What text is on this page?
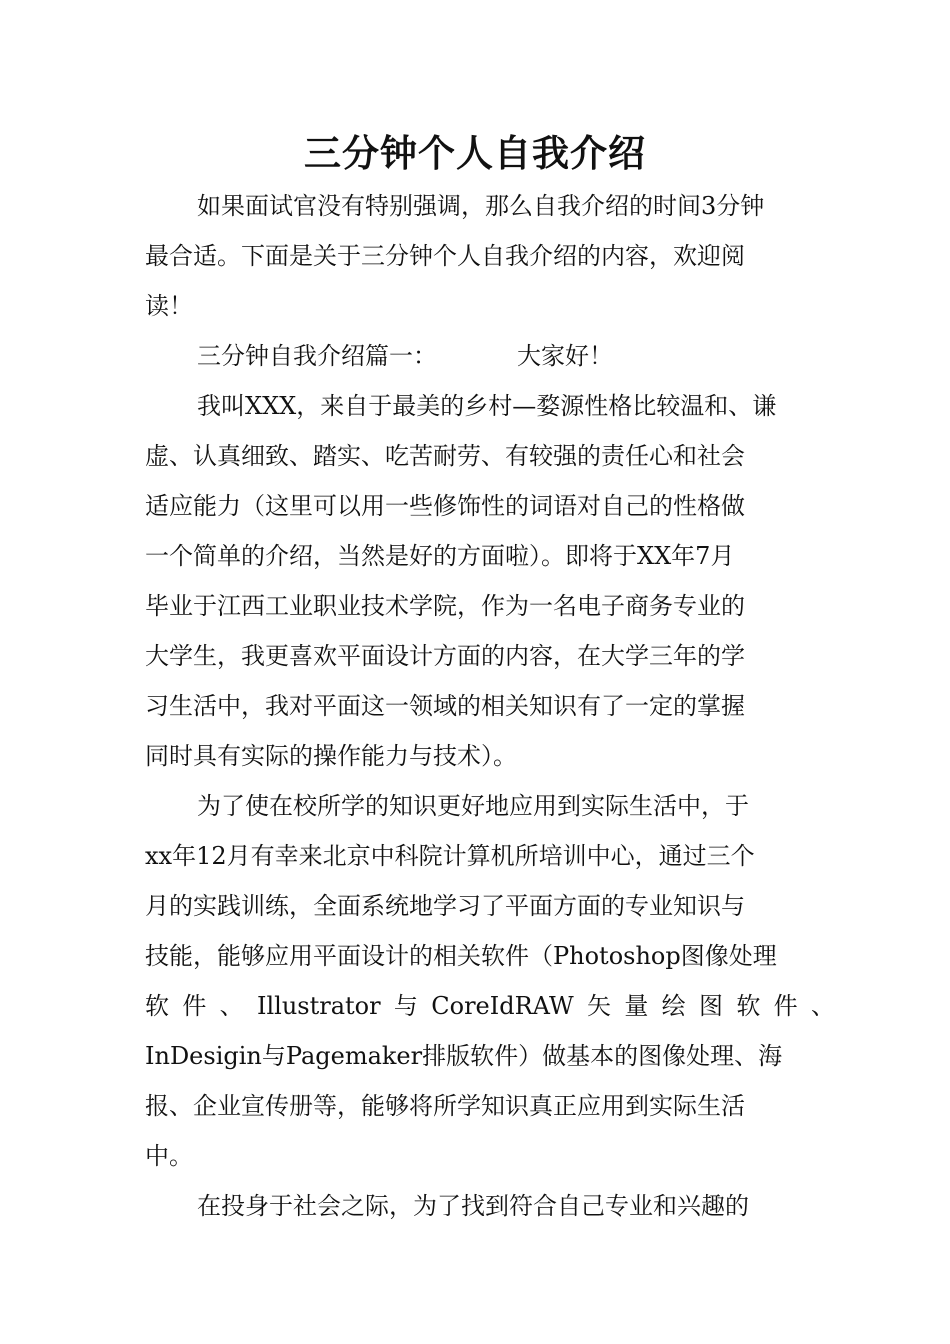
三分钟个人自我介绍
如果面试官没有特别强调，那么自我介绍的时间3分钟
最合适。下面是关于三分钟个人自我介绍的内容，欢迎阅
读！
三分钟自我介绍篇一：	大家好！
我叫XXX，来自于最美的乡村—婺源性格比较温和、谦
虚、认真细致、踏实、吃苦耐劳、有较强的责任心和社会
适应能力（这里可以用一些修饰性的词语对自己的性格做
一个简单的介绍，当然是好的方面啦）。即将于XX年7月
毕业于江西工业职业技术学院，作为一名电子商务专业的
大学生，我更喜欢平面设计方面的内容，在大学三年的学
习生活中，我对平面这一领域的相关知识有了一定的掌握
同时具有实际的操作能力与技术）。
为了使在校所学的知识更好地应用到实际生活中，于
xx年12月有幸来北京中科院计算机所培训中心，通过三个
月的实践训练，全面系统地学习了平面方面的专业知识与
技能，能够应用平面设计的相关软件（Photoshop图像处理
软 件 、 Illustrator 与 CoreIdRAW 矢 量 绘 图 软 件 、
InDesigin与Pagemaker排版软件）做基本的图像处理、海
报、企业宣传册等，能够将所学知识真正应用到实际生活
中。
在投身于社会之际，为了找到符合自己专业和兴趣的
